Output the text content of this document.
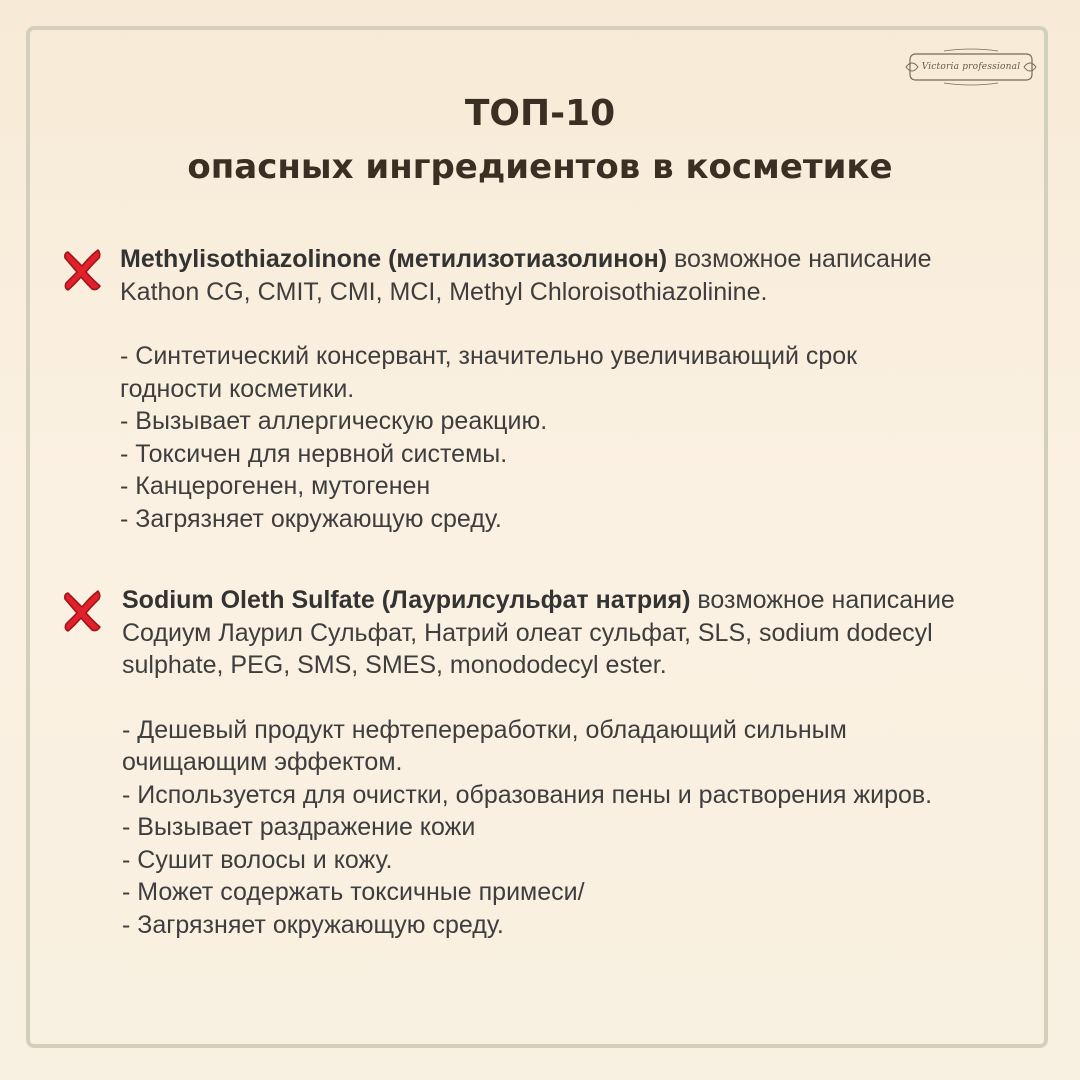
Victoria professional
ТОП-10
опасных ингредиентов в косметике

Methylisothiazolinone (метилизотиазолинон) возможное написание

Kathon CG, CMIT, CMI, MCI, Methyl Chloroisothiazolinine.

- Синтетический консервант, значительно увеличивающий срок

годности косметики.

- Вызывает аллергическую реакцию.

- Токсичен для нервной системы.

- Канцерогенен, мутогенен

- Загрязняет окружающую среду.

Sodium Oleth Sulfate (Лаурилсульфат натрия) возможное написание

Содиум Лаурил Сульфат, Натрий олеат сульфат, SLS, sodium dodecyl

sulphate, PEG, SMS, SMES, monododecyl ester.

- Дешевый продукт нефтепереработки, обладающий сильным

очищающим эффектом.

- Используется для очистки, образования пены и растворения жиров.

- Вызывает раздражение кожи

- Сушит волосы и кожу.

- Может содержать токсичные примеси/

- Загрязняет окружающую среду.
